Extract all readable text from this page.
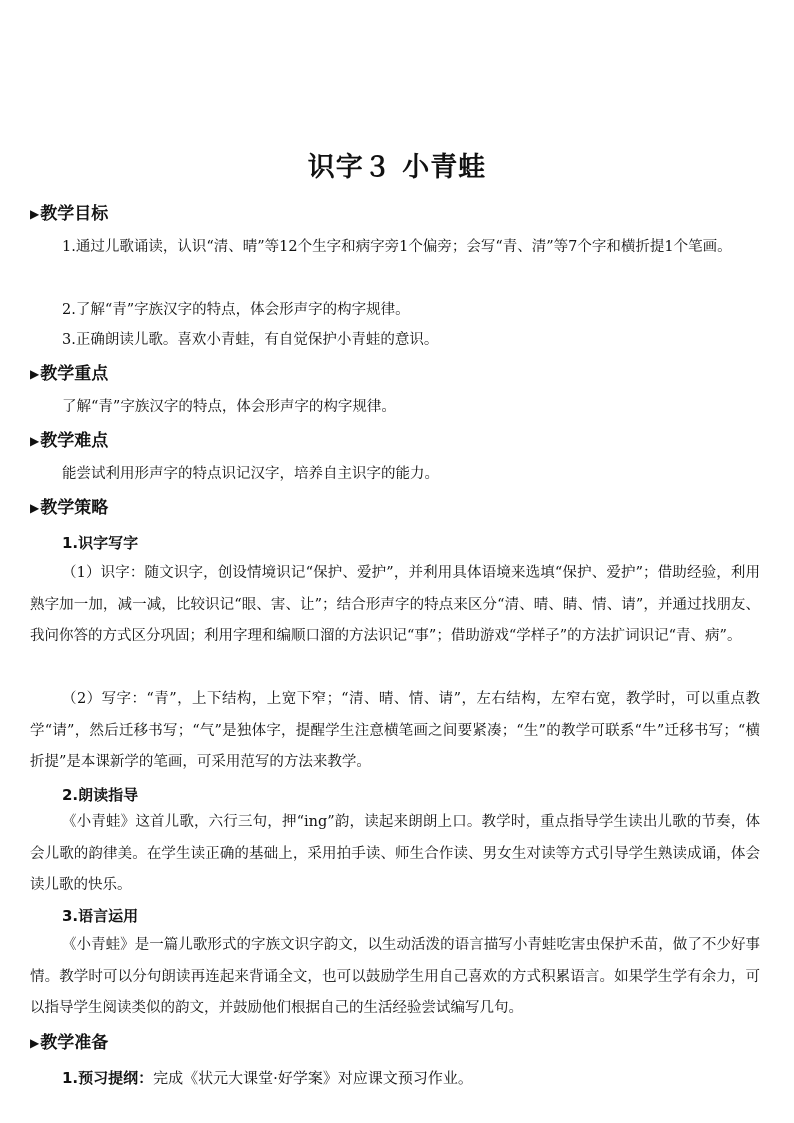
识字３ 小青蛙
▶教学目标
1.通过儿歌诵读，认识“清、晴”等12个生字和病字旁1个偏旁；会写“青、清”等7个字和横折提1个笔画。
2.了解“青”字族汉字的特点，体会形声字的构字规律。
3.正确朗读儿歌。喜欢小青蛙，有自觉保护小青蛙的意识。
▶教学重点
了解“青”字族汉字的特点，体会形声字的构字规律。
▶教学难点
能尝试利用形声字的特点识记汉字，培养自主识字的能力。
▶教学策略
1.识字写字
（1）识字：随文识字，创设情境识记“保护、爱护”，并利用具体语境来选填“保护、爱护”；借助经验，利用熟字加一加，减一减，比较识记“眼、害、让”；结合形声字的特点来区分“清、晴、睛、情、请”，并通过找朋友、我问你答的方式区分巩固；利用字理和编顺口溜的方法识记“事”；借助游戏“学样子”的方法扩词识记“青、病”。
（2）写字：“青”，上下结构，上宽下窄；“清、晴、情、请”，左右结构，左窄右宽，教学时，可以重点教学“请”，然后迁移书写；“气”是独体字，提醒学生注意横笔画之间要紧凑；“生”的教学可联系“牛”迁移书写；“横折提”是本课新学的笔画，可采用范写的方法来教学。
2.朗读指导
《小青蛙》这首儿歌，六行三句，押“ing”韵，读起来朗朗上口。教学时，重点指导学生读出儿歌的节奏，体会儿歌的韵律美。在学生读正确的基础上，采用拍手读、师生合作读、男女生对读等方式引导学生熟读成诵，体会读儿歌的快乐。
3.语言运用
《小青蛙》是一篇儿歌形式的字族文识字韵文，以生动活泼的语言描写小青蛙吃害虫保护禾苗，做了不少好事情。教学时可以分句朗读再连起来背诵全文，也可以鼓励学生用自己喜欢的方式积累语言。如果学生学有余力，可以指导学生阅读类似的韵文，并鼓励他们根据自己的生活经验尝试编写几句。
▶教学准备
1.预习提纲：完成《状元大课堂·好学案》对应课文预习作业。
